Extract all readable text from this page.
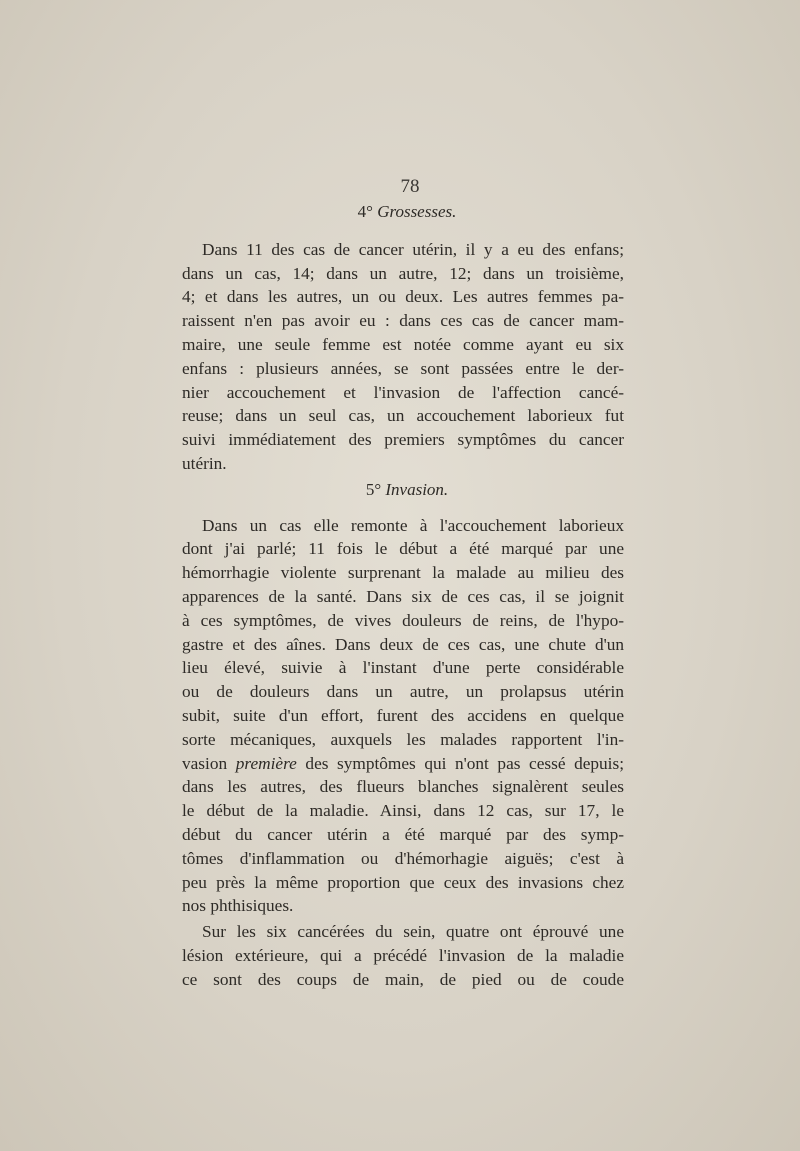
78

4° Grossesses.

Dans 11 des cas de cancer utérin, il y a eu des enfans;
dans un cas, 14; dans un autre, 12; dans un troisième,
4; et dans les autres, un ou deux. Les autres femmes pa-
raissent n'en pas avoir eu : dans ces cas de cancer mam-
maire, une seule femme est notée comme ayant eu six
enfans : plusieurs années, se sont passées entre le der-
nier accouchement et l'invasion de l'affection cancé-
reuse; dans un seul cas, un accouchement laborieux fut
suivi immédiatement des premiers symptômes du cancer
utérin.

5° Invasion.

Dans un cas elle remonte à l'accouchement laborieux
dont j'ai parlé; 11 fois le début a été marqué par une
hémorrhagie violente surprenant la malade au milieu des
apparences de la santé. Dans six de ces cas, il se joignit
à ces symptômes, de vives douleurs de reins, de l'hypo-
gastre et des aînes. Dans deux de ces cas, une chute d'un
lieu élevé, suivie à l'instant d'une perte considérable
ou de douleurs dans un autre, un prolapsus utérin
subit, suite d'un effort, furent des accidens en quelque
sorte mécaniques, auxquels les malades rapportent l'in-
vasion première des symptômes qui n'ont pas cessé depuis;
dans les autres, des flueurs blanches signalèrent seules
le début de la maladie. Ainsi, dans 12 cas, sur 17, le
début du cancer utérin a été marqué par des symp-
tômes d'inflammation ou d'hémorhagie aiguës; c'est à
peu près la même proportion que ceux des invasions chez
nos phthisiques.
Sur les six cancérées du sein, quatre ont éprouvé une
lésion extérieure, qui a précédé l'invasion de la maladie
ce sont des coups de main, de pied ou de coude
